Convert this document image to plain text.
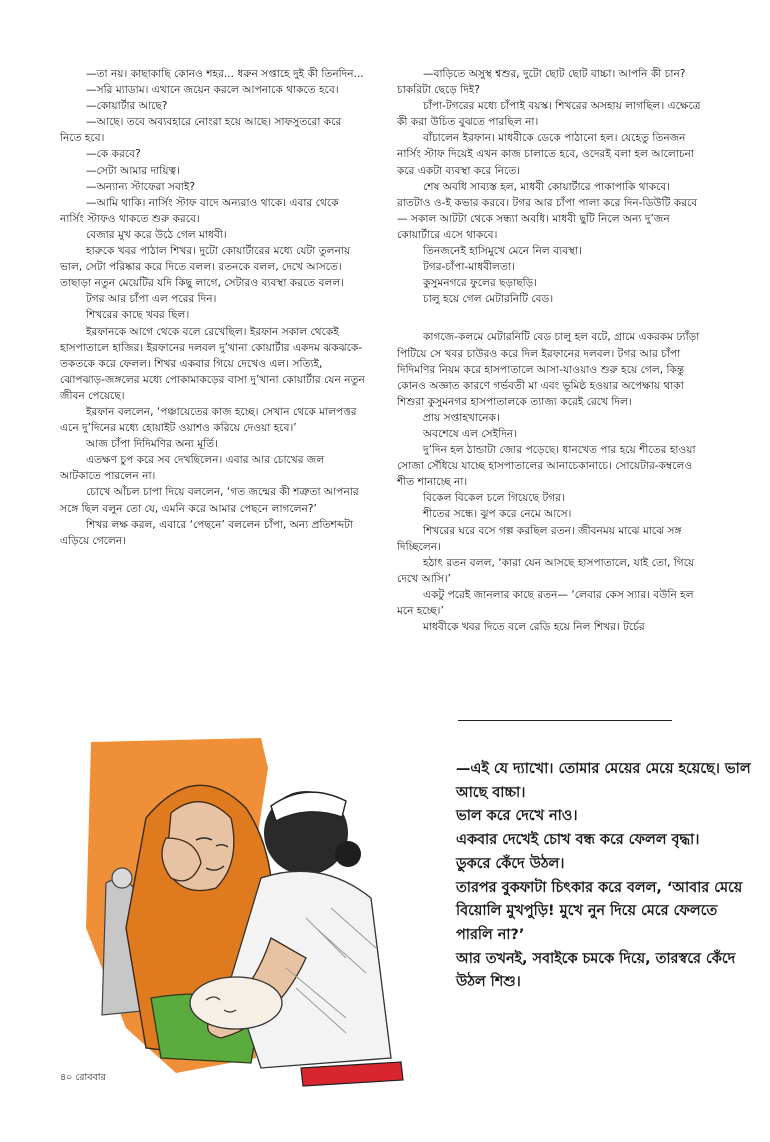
—তা নয়। কাছাকাছি কোনও শহর... ধরুন সপ্তাহে দুই কী তিনদিন...

—সরি ম্যাডাম। এখানে জয়েন করলে আপনাকে থাকতে হবে।

—কোয়ার্টার আছে?

—আছে। তবে অব্যবহারে নোংরা হয়ে আছে। সাফসুতরো করে নিতে হবে।

—কে করবে?

—সেটা আমার দায়িত্ব।

—অন্যান্য স্টাফেরা সবাই?

—আমি থাকি। নার্সিং স্টাফ বাদে অন্যরাও থাকে। এবার থেকে নার্সিং স্টাফও থাকতে শুরু করবে।

বেজার মুখ করে উঠে গেল মাধবী।

হারুকে খবর পাঠাল শিখর। দুটো কোয়ার্টারের মধ্যে যেটা তুলনায় ভাল, সেটা পরিষ্কার করে দিতে বলল। রতনকে বলল, দেখে আসতে। তাছাড়া নতুন মেয়েটির যদি কিছু লাগে, সেটারও ব্যবস্থা করতে বলল।

টগর আর চাঁপা এল পরের দিন।

শিখরের কাছে খবর ছিল।

ইরফানকে আগে থেকে বলে রেখেছিল। ইরফান সকাল থেকেই হাসপাতালে হাজির। ইরফানের দলবল দু’খানা কোয়ার্টার একদম ঝকঝকে-তকতকে করে ফেলল। শিখর একবার গিয়ে দেখেও এল। সত্যিই, ঝোপঝাড়-জঙ্গলের মধ্যে পোকামাকড়ের বাসা দু’খানা কোয়ার্টার যেন নতুন জীবন পেয়েছে।

ইরফান বললেন, ‘পঞ্চায়েতের কাজ হচ্ছে। সেখান থেকে মালপত্তর এনে দু’দিনের মধ্যে হোয়াইট ওয়াশও করিয়ে দেওয়া হবে।’

আজ চাঁপা দিদিমণির অন্য মূর্তি।

এতক্ষণ চুপ করে সব দেখছিলেন। এবার আর চোখের জল আটকাতে পারলেন না।

চোখে আঁচল চাপা দিয়ে বললেন, ‘গত জন্মের কী শত্রুতা আপনার সঙ্গে ছিল বলুন তো যে, এমনি করে আমার পেছনে লাগলেন?’

শিখর লক্ষ করল, এবারে ‘পেছনে’ বললেন চাঁপা, অন্য প্রতিশব্দটা এড়িয়ে গেলেন।

—বাড়িতে অসুস্থ শ্বশুর, দুটো ছোট ছোট বাচ্চা। আপনি কী চান? চাকরিটা ছেড়ে দিই?

চাঁপা-টগরের মধ্যে চাঁপাই বয়স্ক। শিখরের অসহায় লাগছিল। এক্ষেত্রে কী করা উচিত বুঝতে পারছিল না।

বাঁচালেন ইরফান। মাধবীকে ডেকে পাঠানো হল। যেহেতু তিনজন নার্সিং স্টাফ দিয়েই এখন কাজ চালাতে হবে, ওদেরই বলা হল আলোচনা করে একটা ব্যবস্থা করে নিতে।

শেষ অবধি সাব্যস্ত হল, মাধবী কোয়ার্টারে পাকাপাকি থাকবে। রাতটাও ও-ই কভার করবে। টগর আর চাঁপা পালা করে দিন-ডিউটি করবে— সকাল আটটা থেকে সন্ধ্যা অবধি। মাধবী ছুটি নিলে অন্য দু’জন কোয়ার্টারে এসে থাকবে।

তিনজনেই হাসিমুখে মেনে নিল ব্যবস্থা।

টগর-চাঁপা-মাধবীলতা।

কুসুমনগরে ফুলের ছড়াছড়ি।

চালু হয়ে গেল মেটারনিটি বেড।

কাগজে-কলমে মেটারনিটি বেড চালু হল বটে, গ্রামে একরকম ঢ্যাঁড়া পিটিয়ে সে খবর চাউরও করে দিল ইরফানের দলবল। টগর আর চাঁপা দিদিমণির নিয়ম করে হাসপাতালে আসা-যাওয়াও শুরু হয়ে গেল, কিন্তু কোনও অজ্ঞাত কারণে গর্ভবতী মা এবং ভূমিষ্ঠ হওয়ার অপেক্ষায় থাকা শিশুরা কুসুমনগর হাসপাতালকে ত্যাজ্য করেই রেখে দিল।

প্রায় সপ্তাহখানেক।

অবশেষে এল সেইদিন।

দু’দিন হল ঠান্ডাটা জোর পড়েছে। ধানখেত পার হয়ে শীতের হাওয়া সোজা সেঁধিয়ে যাচ্ছে হাসপাতালের আনাচেকানাচে। সোয়েটার-কম্বলেও শীত শানাচ্ছে না।

বিকেল বিকেল চলে গিয়েছে টগর।

শীতের সন্ধে। ঝুপ করে নেমে আসে।

শিখরের ঘরে বসে গল্প করছিল রতন। জীবনময় মাঝে মাঝে সঙ্গ দিচ্ছিলেন।

হঠাৎ রতন বলল, ‘কারা যেন আসছে হাসপাতালে, যাই তো, গিয়ে দেখে আসি।’

একটু পরেই জানলার কাছে রতন— ‘লেবার কেস স্যার। বউনি হল মনে হচ্ছে।’

মাধবীকে খবর দিতে বলে রেডি হয়ে নিল শিখর। টর্চের

—এই যে দ্যাখো। তোমার মেয়ের মেয়ে হয়েছে। ভাল আছে বাচ্চা।

ভাল করে দেখে নাও।

একবার দেখেই চোখ বন্ধ করে ফেলল বৃদ্ধা।

ডুকরে কেঁদে উঠল।

তারপর বুকফাটা চিৎকার করে বলল, ‘আবার মেয়ে বিয়োলি মুখপুড়ি! মুখে নুন দিয়ে মেরে ফেলতে পারলি না?’

আর তখনই, সবাইকে চমকে দিয়ে, তারস্বরে কেঁদে উঠল শিশু।

৪০ রোববার
